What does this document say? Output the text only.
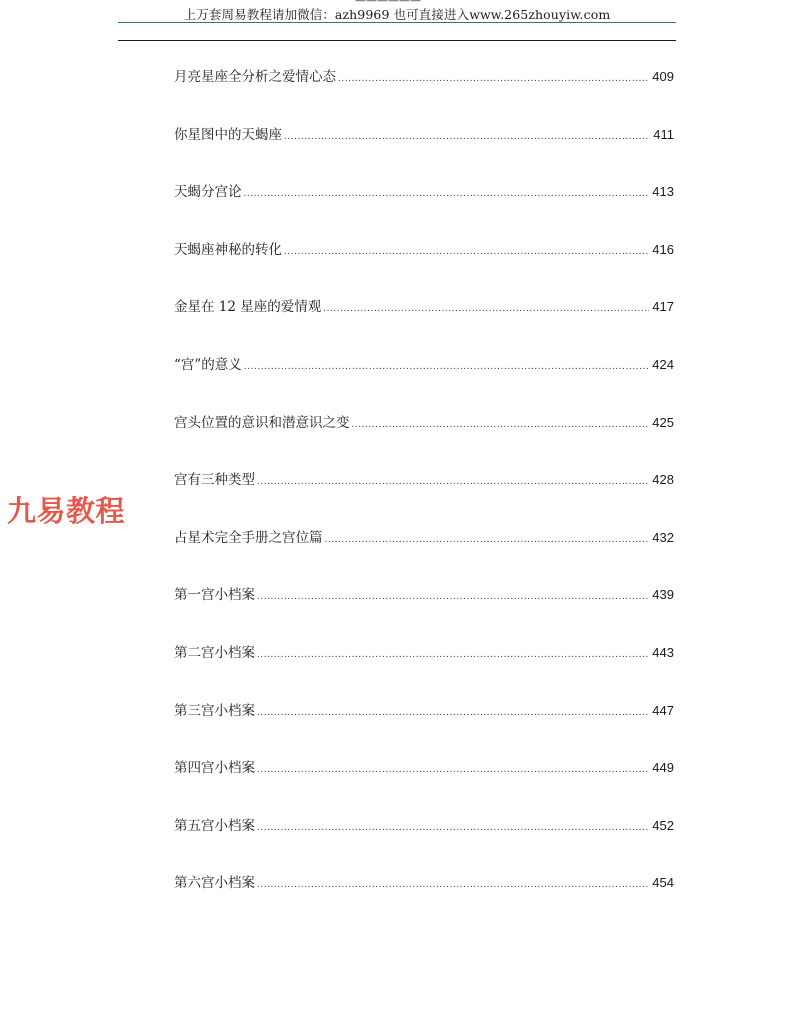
上万套周易教程请加微信：azh9969 也可直接进入www.265zhouyiw.com
九易教程
月亮星座全分析之爱情心态 .....	409
你星图中的天蝎座 .....	411
天蝎分宫论 .....	413
天蝎座神秘的转化 .....	416
金星在 12 星座的爱情观 .....	417
“宫”的意义 .....	424
宫头位置的意识和潜意识之变 .....	425
宫有三种类型 .....	428
占星术完全手册之宫位篇 .....	432
第一宫小档案 .....	439
第二宫小档案 .....	443
第三宫小档案 .....	447
第四宫小档案 .....	449
第五宫小档案 .....	452
第六宫小档案 .....	454
